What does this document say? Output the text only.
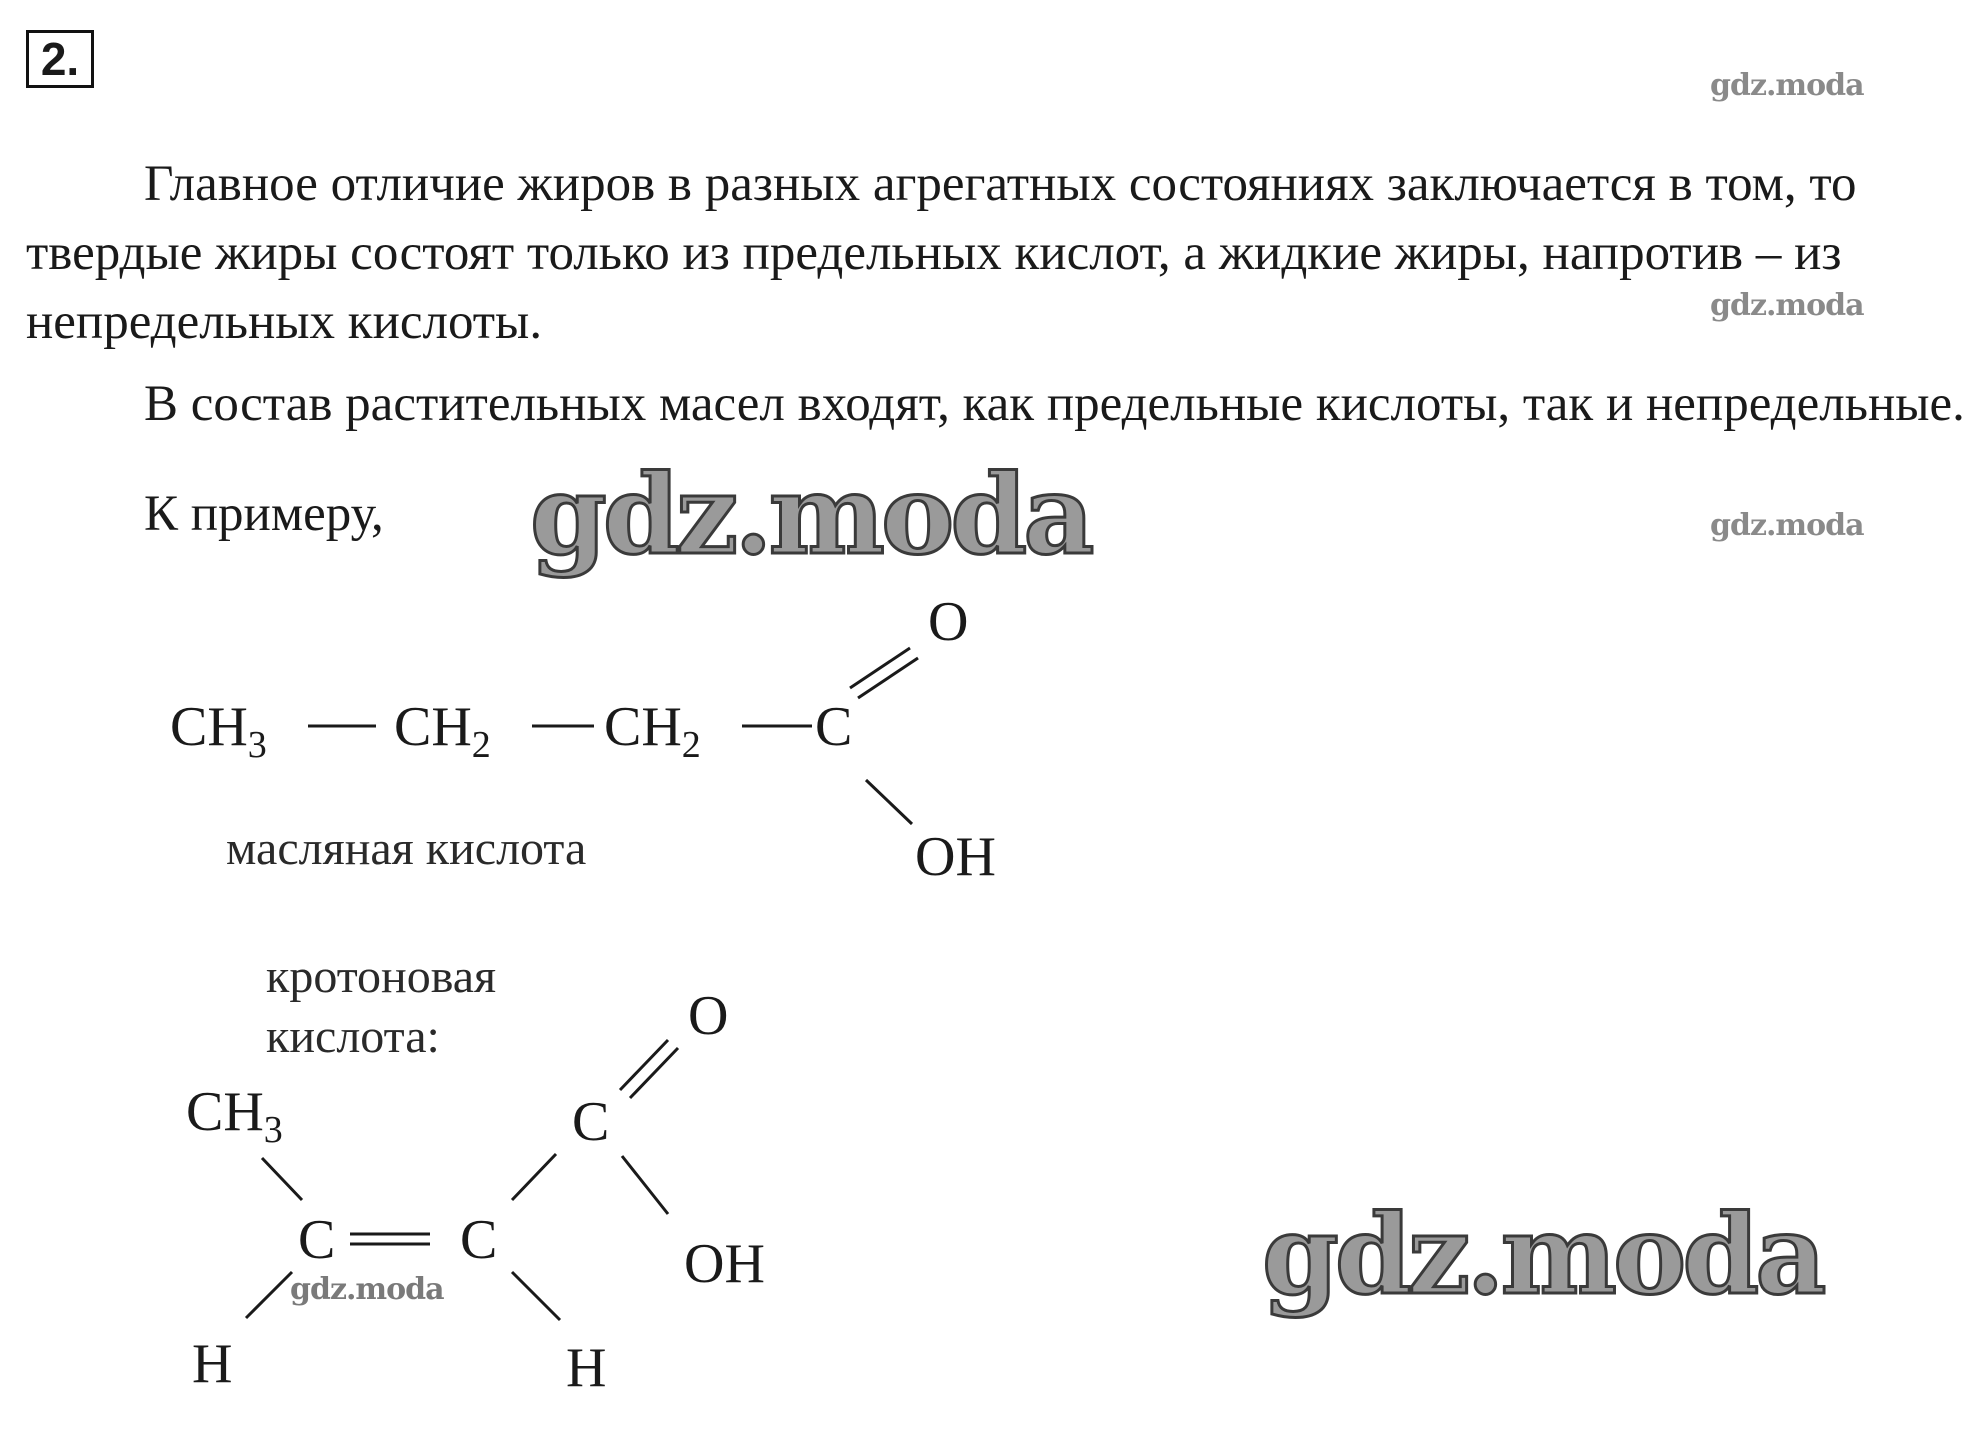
2.
gdz.moda
gdz.moda
gdz.moda

Главное отличие жиров в разных агрегатных состояниях заключается в том, то твердые жиры состоят только из предельных кислот, а жидкие жиры, напротив – из непредельных кислоты.

В состав растительных масел входят, как предельные кислоты, так и непредельные.

К примеру,	gdz.moda
$CH_3$ $CH_2$ $CH_2$ C
O
OH
$CH_3$
C C
C
O
OH
H	H
масляная кислота
кротоновая
кислота:
gdz.moda	gdz.moda
